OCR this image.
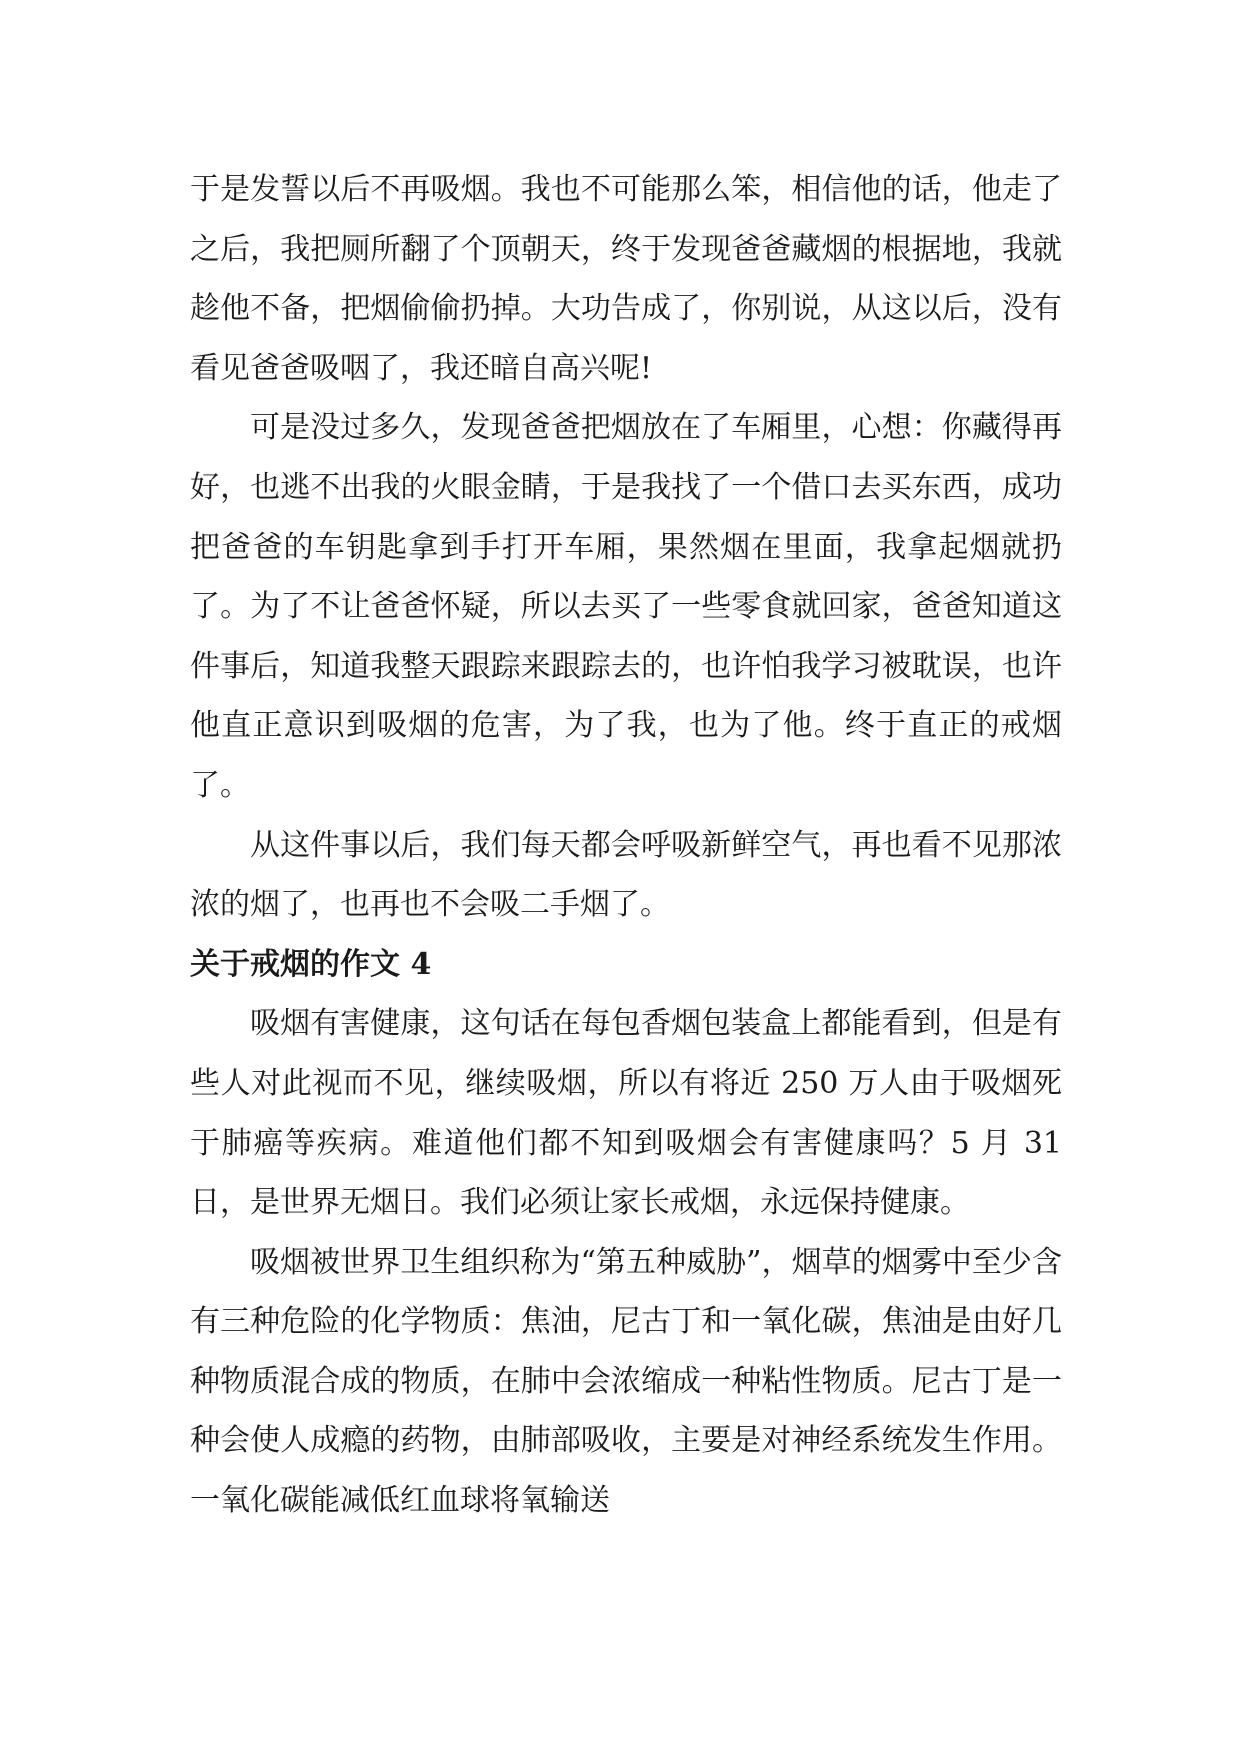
于是发誓以后不再吸烟。我也不可能那么笨，相信他的话，他走了之后，我把厕所翻了个顶朝天，终于发现爸爸藏烟的根据地，我就趁他不备，把烟偷偷扔掉。大功告成了，你别说，从这以后，没有看见爸爸吸咽了，我还暗自高兴呢!

可是没过多久，发现爸爸把烟放在了车厢里，心想：你藏得再好，也逃不出我的火眼金睛，于是我找了一个借口去买东西，成功把爸爸的车钥匙拿到手打开车厢，果然烟在里面，我拿起烟就扔了。为了不让爸爸怀疑，所以去买了一些零食就回家，爸爸知道这件事后，知道我整天跟踪来跟踪去的，也许怕我学习被耽误，也许他直正意识到吸烟的危害，为了我，也为了他。终于直正的戒烟了。

从这件事以后，我们每天都会呼吸新鲜空气，再也看不见那浓浓的烟了，也再也不会吸二手烟了。

关于戒烟的作文 4

吸烟有害健康，这句话在每包香烟包装盒上都能看到，但是有些人对此视而不见，继续吸烟，所以有将近 250 万人由于吸烟死于肺癌等疾病。难道他们都不知到吸烟会有害健康吗？5 月 31 日，是世界无烟日。我们必须让家长戒烟，永远保持健康。

吸烟被世界卫生组织称为“第五种威胁”，烟草的烟雾中至少含有三种危险的化学物质：焦油，尼古丁和一氧化碳，焦油是由好几种物质混合成的物质，在肺中会浓缩成一种粘性物质。尼古丁是一种会使人成瘾的药物，由肺部吸收，主要是对神经系统发生作用。一氧化碳能减低红血球将氧输送
